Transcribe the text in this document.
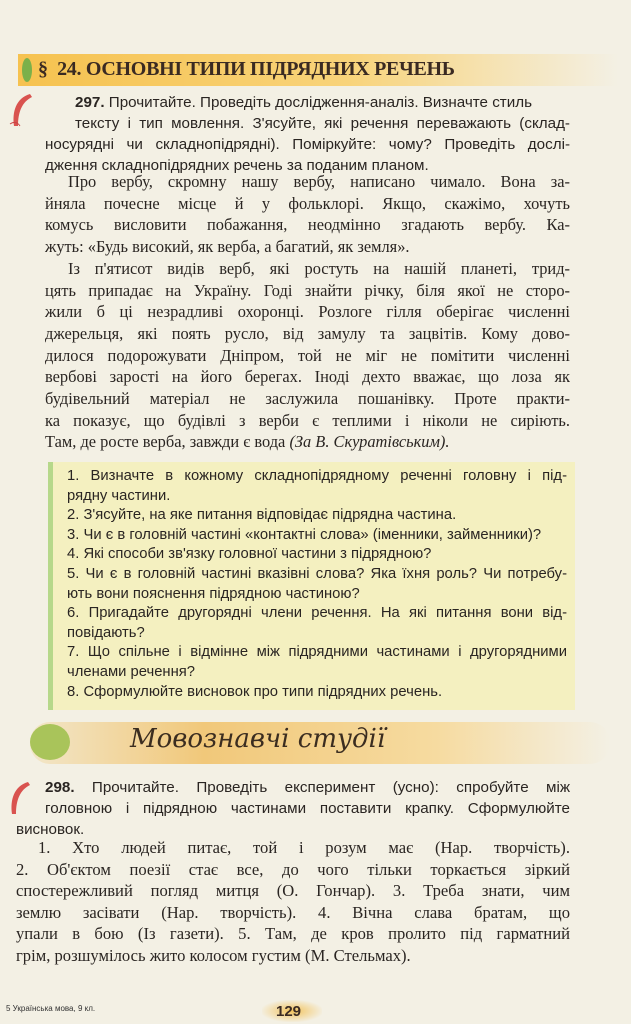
§ 24. ОСНОВНІ ТИПИ ПІДРЯДНИХ РЕЧЕНЬ
297. Прочитайте. Проведіть дослідження-аналіз. Визначте стиль
тексту і тип мовлення. З'ясуйте, які речення переважають (склад-
носурядні чи складнопідрядні). Поміркуйте: чому? Проведіть дослі-
дження складнопідрядних речень за поданим планом.
Про вербу, скромну нашу вербу, написано чимало. Вона за-
йняла почесне місце й у фольклорі. Якщо, скажімо, хочуть
комусь висловити побажання, неодмінно згадають вербу. Ка-
жуть: «Будь високий, як верба, а багатий, як земля».
Із п'ятисот видів верб, які ростуть на нашій планеті, трид-
цять припадає на Україну. Годі знайти річку, біля якої не сторо-
жили б ці незрадливі охоронці. Розлоге гілля оберігає численні
джерельця, які поять русло, від замулу та зацвітів. Кому дово-
дилося подорожувати Дніпром, той не міг не помітити численні
вербові зарості на його берегах. Іноді дехто вважає, що лоза як
будівельний матеріал не заслужила пошанівку. Проте практи-
ка показує, що будівлі з верби є теплими і ніколи не сиріють.
Там, де росте верба, завжди є вода (За В. Скуратівським).
1. Визначте в кожному складнопідрядному реченні головну і під-
рядну частини.
2. З'ясуйте, на яке питання відповідає підрядна частина.
3. Чи є в головній частині «контактні слова» (іменники, займенники)?
4. Які способи зв'язку головної частини з підрядною?
5. Чи є в головній частині вказівні слова? Яка їхня роль? Чи потребу-
ють вони пояснення підрядною частиною?
6. Пригадайте другорядні члени речення. На які питання вони від-
повідають?
7. Що спільне і відмінне між підрядними частинами і другорядними
членами речення?
8. Сформулюйте висновок про типи підрядних речень.
Мовознавчі студії
298. Прочитайте. Проведіть експеримент (усно): спробуйте між
головною і підрядною частинами поставити крапку. Сформулюйте
висновок.
1. Хто людей питає, той і розум має (Нар. творчість).
2. Об'єктом поезії стає все, до чого тільки торкається зіркий
спостережливий погляд митця (О. Гончар). 3. Треба знати, чим
землю засівати (Нар. творчість). 4. Вічна слава братам, що
упали в бою (Із газети). 5. Там, де кров пролито під гарматний
грім, розшумілось жито колосом густим (М. Стельмах).
5 Українська мова, 9 кл.	129
